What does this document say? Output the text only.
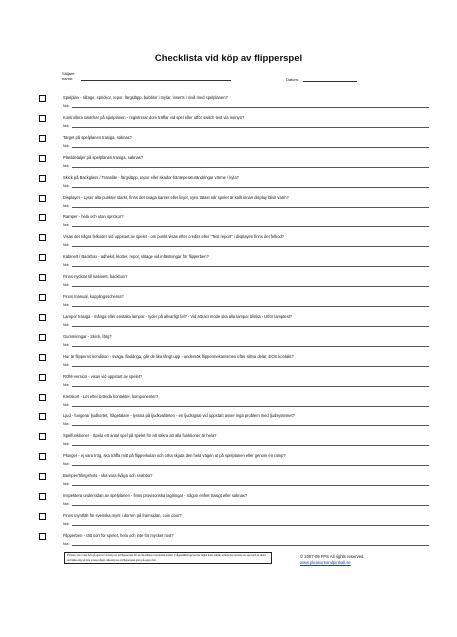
Checklista vid köp av flipperspel
Säljare
namn:	Datum:
Spelplan - slitage, sprickor, repor, färgsläpp, bubblor i mylar, inserts i nivå med spelplanen?
Not:
Kontrollera switchar på spelplanen - registrerar dom träffar vid spel eller utför switch test via menyn?
Not:
Target på spelplanen trasiga, saknas?
Not:
Plastdetaljer på spelplanen trasiga, saknas?
Not:
Skick på Backglass / Translite - färgsläpp, repor eller skador hänteperaturändringar värme / kyla?
Not:
Displayer - Lyser alla punkter starkt, finns det svaga kanter eller linjer, syns tätast när spelet är kallt innan display blivit varm?
Not:
Ramper - hela och utan sprickor?
Not:
Visas det några felkoder vid uppstart av spelet - om punkt visas efter credits eller "Test report" i displayen finns det felkod?
Not:
Kabinett / Backbox - adhekit, klotter, repor, slitage vid infästningar för flipperben?
Not:
Finns nycklar till kabinett, backbox?
Not:
Finns manual, kopplingsschema?
Not:
Lampor trasiga - många eller enstaka lampor - tyder på allvarligt fel? - Vid attract mode ska alla lampor blinka - Utför lamptest?
Not:
Gummiringar - Skick, färg?
Not:
Hur är flipperns kondition - svaga, fladdriga, går de lika långt upp - undersök flippermekanismen efter slitna delar, EOS kontakt?
Not:
ROM-version - visas vid uppstart av spelet?
Not:
Kretskort - Let efter brända kontakter, komponenter?
Not:
Ljud - fungerar ljudkortet, frågetalare - lyssna på ljudkvaliteten - en ljudsignal vid uppstart avser inga problem med ljudsystemet?
Not:
Spelfunktioner - Spela ett antal spel på spelet för att säkra att alla funktioner är hela?
Not:
Plunger - ej vara trög, ska träffa mitt på flipperkulan och orka skjuta den hela vägen ut på spelplanen eller genom en ramp?
Not:
Bumper/Slingshots - ska vara livliga och snabba?
Not:
Inspektera undersidan av spelplanen - finns provisoriska lagningar - någon enhet trasigt eller saknas?
Not:
Finns myntfält för svenska mynt i dörren på framsidan, coin door?
Not:
Flipperben - rätt sort för spelet, hela och inte för mycket rost?
Not:
Punkter som man bör gå igenom vid köp av ett flipperspel för att identifiera eventuella brister. Frågeställningarna har tagits fram utifrån erfarenhet vid köp av spel och är tänkt att hjälpa dig att inte missa något. Alla köp av ett flipperspel görs på egen risk.
© 2007-09 FPS All rights reserved.
www.pleasureandpinball.se
